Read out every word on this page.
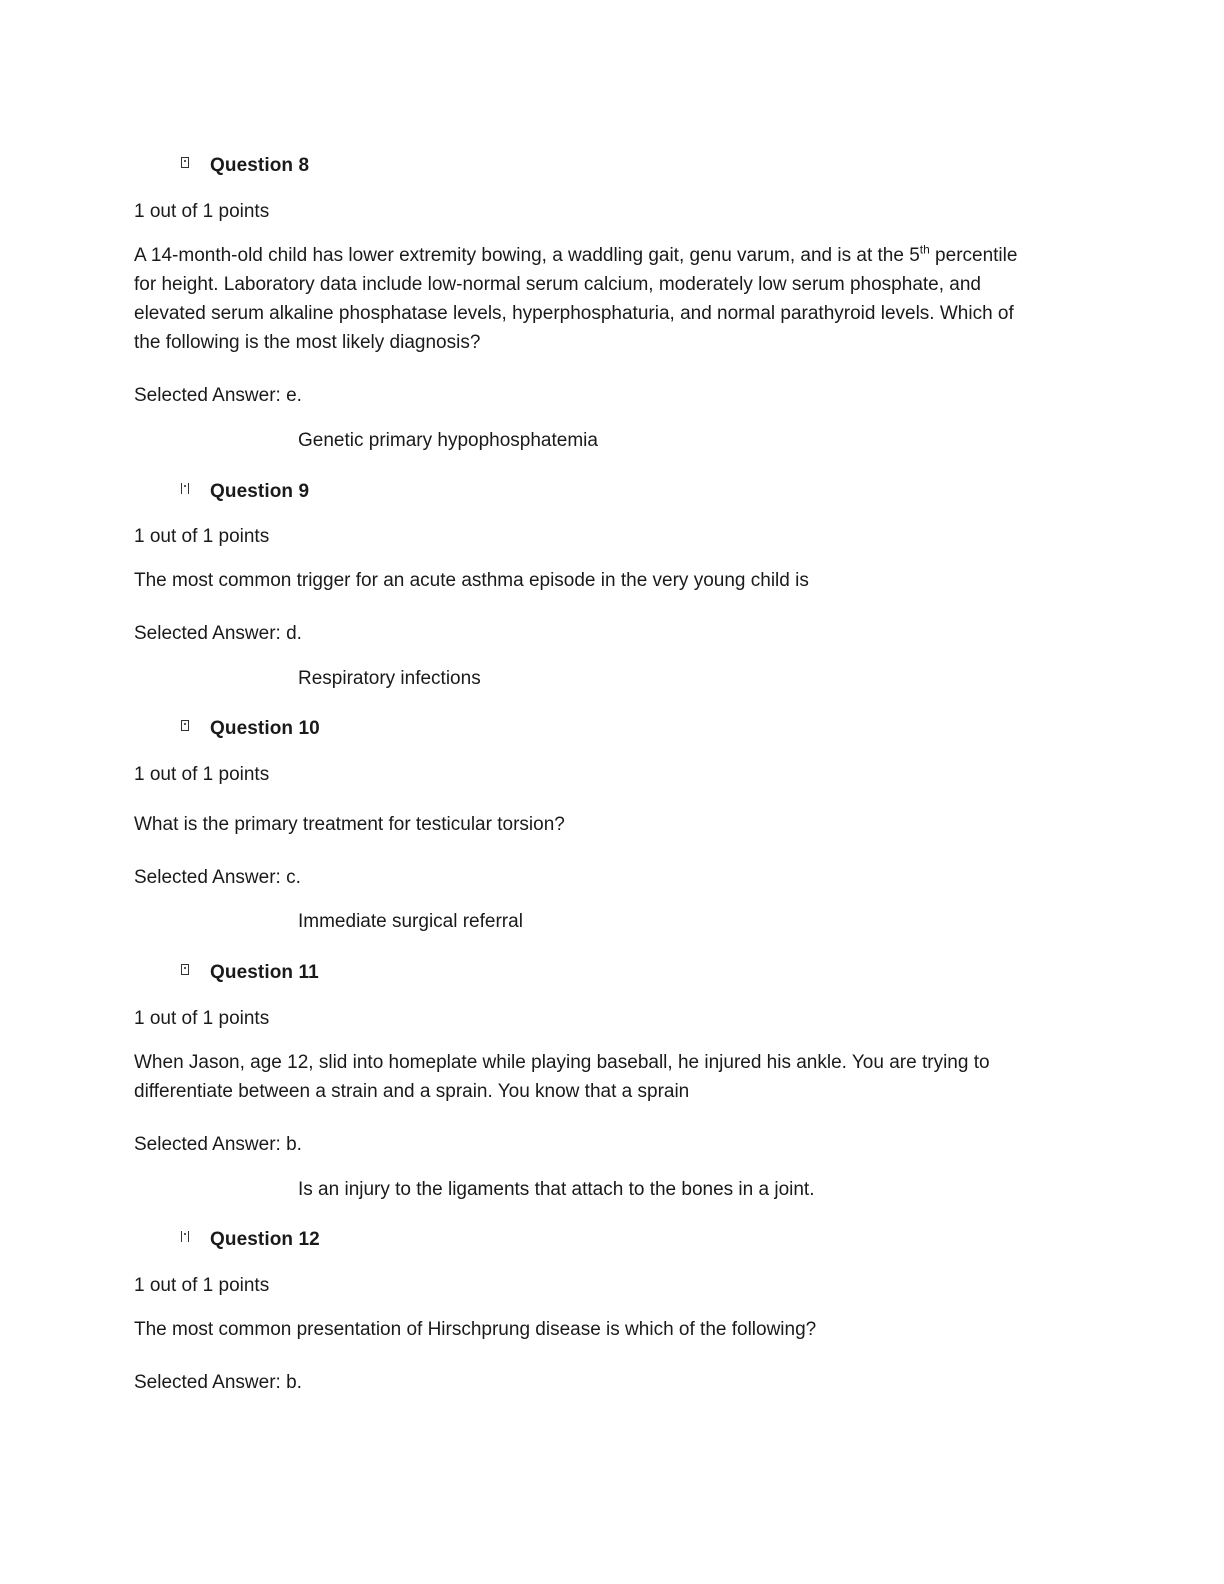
Question 8
1 out of 1 points
A 14-month-old child has lower extremity bowing, a waddling gait, genu varum, and is at the 5th percentile for height. Laboratory data include low-normal serum calcium, moderately low serum phosphate, and elevated serum alkaline phosphatase levels, hyperphosphaturia, and normal parathyroid levels. Which of the following is the most likely diagnosis?
Selected Answer: e.
Genetic primary hypophosphatemia
Question 9
1 out of 1 points
The most common trigger for an acute asthma episode in the very young child is
Selected Answer: d.
Respiratory infections
Question 10
1 out of 1 points
What is the primary treatment for testicular torsion?
Selected Answer: c.
Immediate surgical referral
Question 11
1 out of 1 points
When Jason, age 12, slid into homeplate while playing baseball, he injured his ankle. You are trying to differentiate between a strain and a sprain. You know that a sprain
Selected Answer: b.
Is an injury to the ligaments that attach to the bones in a joint.
Question 12
1 out of 1 points
The most common presentation of Hirschprung disease is which of the following?
Selected Answer: b.
